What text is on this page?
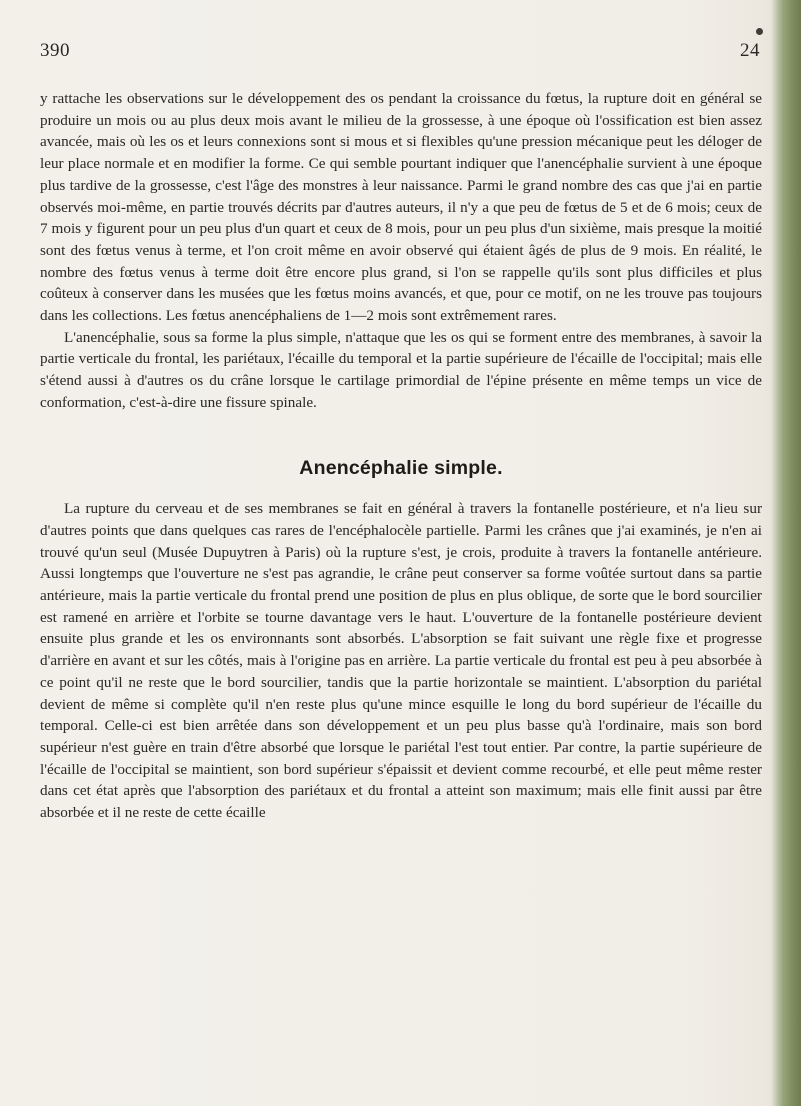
390	24

y rattache les observations sur le développement des os pendant la croissance du fœtus, la rupture doit en général se produire un mois ou au plus deux mois avant le milieu de la grossesse, à une époque où l'ossification est bien assez avancée, mais où les os et leurs connexions sont si mous et si flexibles qu'une pression mécanique peut les déloger de leur place normale et en modifier la forme. Ce qui semble pourtant indiquer que l'anencéphalie survient à une époque plus tardive de la grossesse, c'est l'âge des monstres à leur naissance. Parmi le grand nombre des cas que j'ai en partie observés moi-même, en partie trouvés décrits par d'autres auteurs, il n'y a que peu de fœtus de 5 et de 6 mois; ceux de 7 mois y figurent pour un peu plus d'un quart et ceux de 8 mois, pour un peu plus d'un sixième, mais presque la moitié sont des fœtus venus à terme, et l'on croit même en avoir observé qui étaient âgés de plus de 9 mois. En réalité, le nombre des fœtus venus à terme doit être encore plus grand, si l'on se rappelle qu'ils sont plus difficiles et plus coûteux à conserver dans les musées que les fœtus moins avancés, et que, pour ce motif, on ne les trouve pas toujours dans les collections. Les fœtus anencéphaliens de 1—2 mois sont extrêmement rares.

L'anencéphalie, sous sa forme la plus simple, n'attaque que les os qui se forment entre des membranes, à savoir la partie verticale du frontal, les pariétaux, l'écaille du temporal et la partie supérieure de l'écaille de l'occipital; mais elle s'étend aussi à d'autres os du crâne lorsque le cartilage primordial de l'épine présente en même temps un vice de conformation, c'est-à-dire une fissure spinale.

Anencéphalie simple.

La rupture du cerveau et de ses membranes se fait en général à travers la fontanelle postérieure, et n'a lieu sur d'autres points que dans quelques cas rares de l'encéphalocèle partielle. Parmi les crânes que j'ai examinés, je n'en ai trouvé qu'un seul (Musée Dupuytren à Paris) où la rupture s'est, je crois, produite à travers la fontanelle antérieure. Aussi longtemps que l'ouverture ne s'est pas agrandie, le crâne peut conserver sa forme voûtée surtout dans sa partie antérieure, mais la partie verticale du frontal prend une position de plus en plus oblique, de sorte que le bord sourcilier est ramené en arrière et l'orbite se tourne davantage vers le haut. L'ouverture de la fontanelle postérieure devient ensuite plus grande et les os environnants sont absorbés. L'absorption se fait suivant une règle fixe et progresse d'arrière en avant et sur les côtés, mais à l'origine pas en arrière. La partie verticale du frontal est peu à peu absorbée à ce point qu'il ne reste que le bord sourcilier, tandis que la partie horizontale se maintient. L'absorption du pariétal devient de même si complète qu'il n'en reste plus qu'une mince esquille le long du bord supérieur de l'écaille du temporal. Celle-ci est bien arrêtée dans son développement et un peu plus basse qu'à l'ordinaire, mais son bord supérieur n'est guère en train d'être absorbé que lorsque le pariétal l'est tout entier. Par contre, la partie supérieure de l'écaille de l'occipital se maintient, son bord supérieur s'épaissit et devient comme recourbé, et elle peut même rester dans cet état après que l'absorption des pariétaux et du frontal a atteint son maximum; mais elle finit aussi par être absorbée et il ne reste de cette écaille
